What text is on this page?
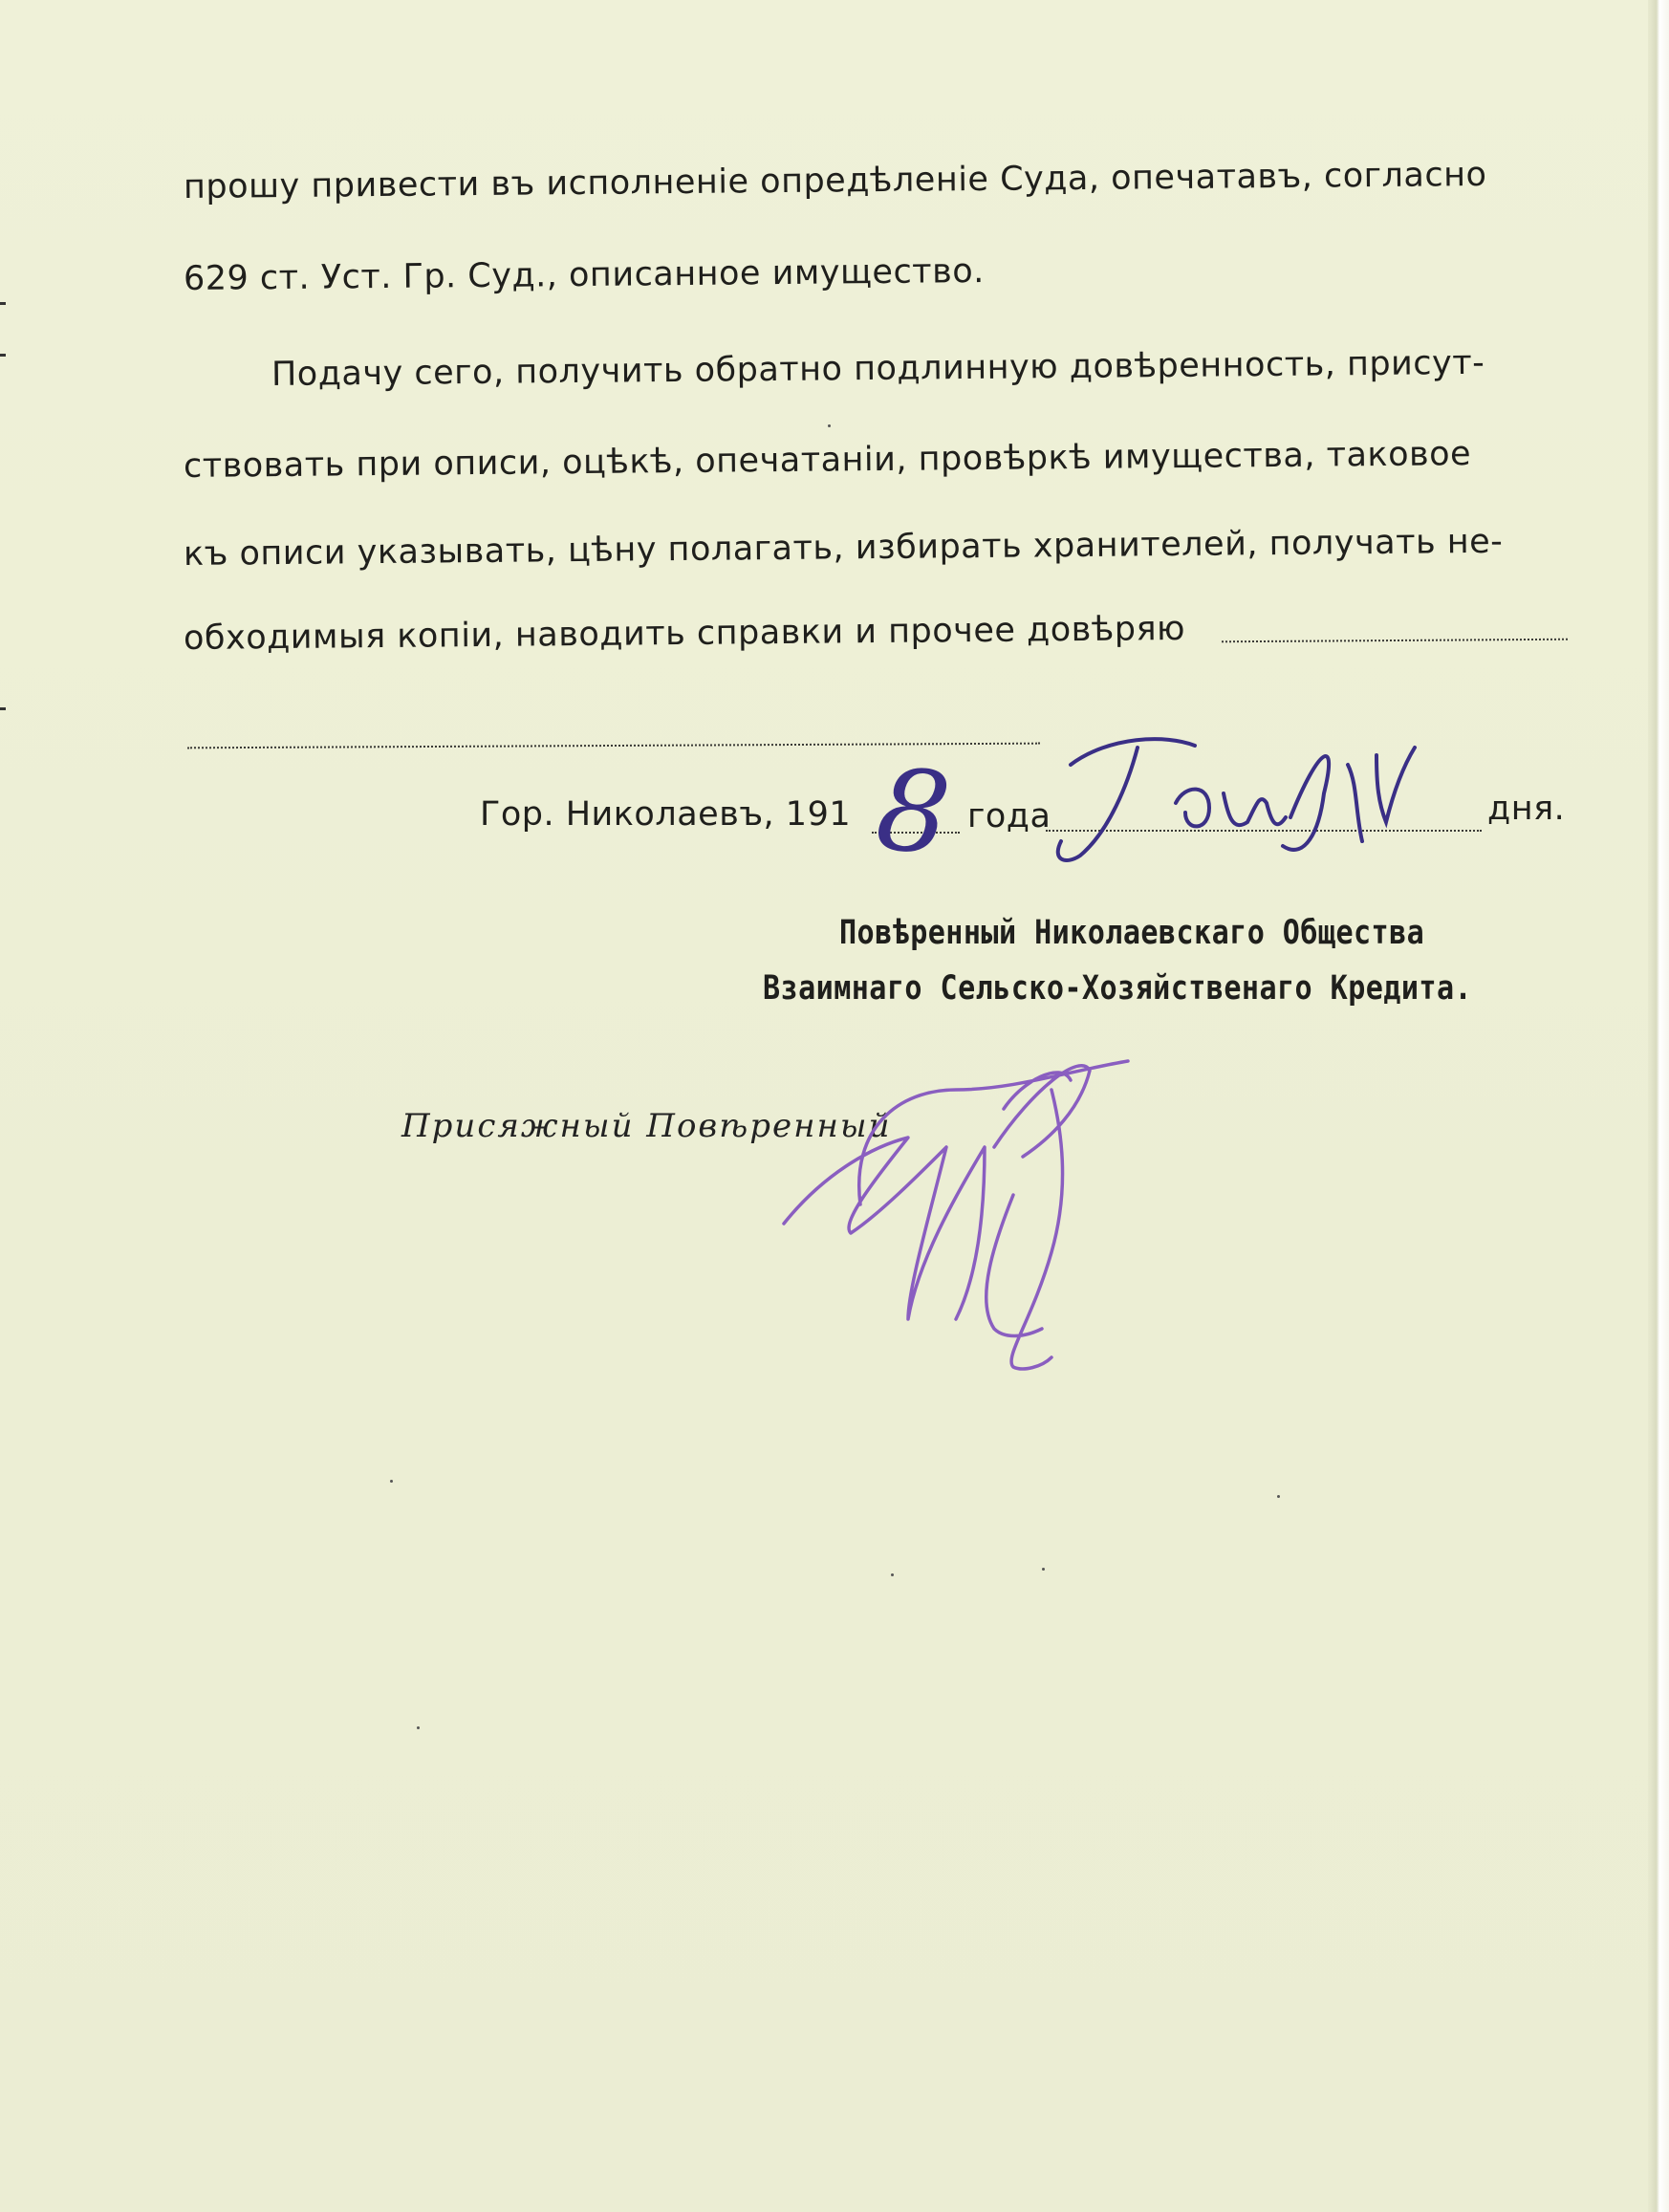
прошу привести въ исполненіе опредѣленіе Суда, опечатавъ, согласно
629 ст. Уст. Гр. Суд., описанное имущество.
Подачу сего, получить обратно подлинную довѣренность, присут-
ствовать при описи, оцѣкѣ, опечатаніи, провѣркѣ имущества, таковое
къ описи указывать, цѣну полагать, избирать хранителей, получать не-
обходимыя копіи, наводить справки и прочее довѣряю
Гор. Николаевъ, 191	года	дня.
8
Повѣренный Николаевскаго Общества
Взаимнаго Сельско-Хозяйственаго Кредита.
Присяжный Повѣренный
